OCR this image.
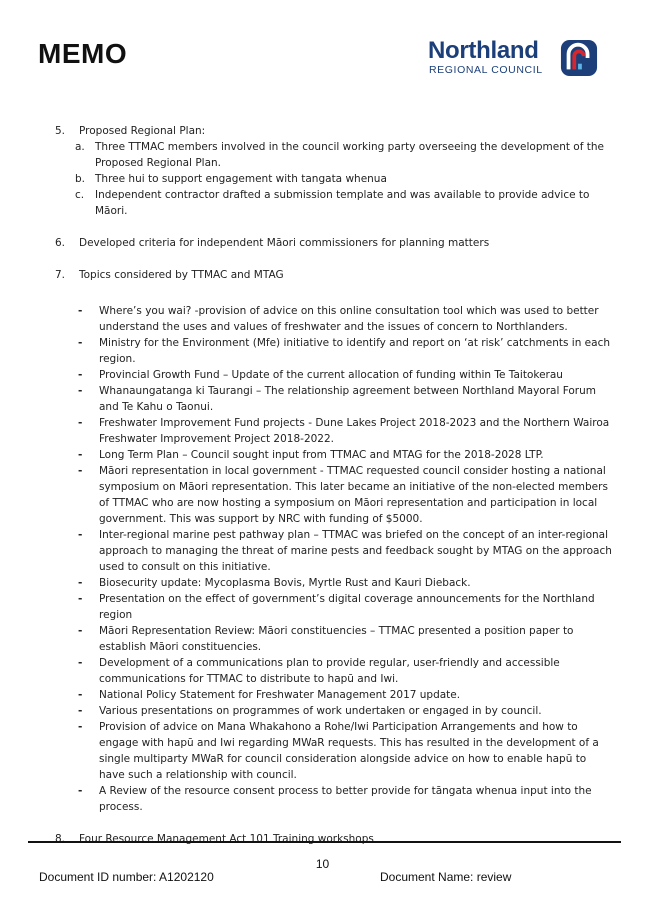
MEMO	Northland
REGIONAL COUNCIL
5. Proposed Regional Plan:
a. Three TTMAC members involved in the council working party overseeing the development of the Proposed Regional Plan.
b. Three hui to support engagement with tangata whenua
c. Independent contractor drafted a submission template and was available to provide advice to Māori.
6. Developed criteria for independent Māori commissioners for planning matters
7. Topics considered by TTMAC and MTAG
- Where’s you wai? -provision of advice on this online consultation tool which was used to better understand the uses and values of freshwater and the issues of concern to Northlanders.
- Ministry for the Environment (Mfe) initiative to identify and report on ‘at risk’ catchments in each region.
- Provincial Growth Fund – Update of the current allocation of funding within Te Taitokerau
- Whanaungatanga ki Taurangi – The relationship agreement between Northland Mayoral Forum and Te Kahu o Taonui.
- Freshwater Improvement Fund projects - Dune Lakes Project 2018-2023 and the Northern Wairoa Freshwater Improvement Project 2018-2022.
- Long Term Plan – Council sought input from TTMAC and MTAG for the 2018-2028 LTP.
- Māori representation in local government - TTMAC requested council consider hosting a national symposium on Māori representation. This later became an initiative of the non-elected members of TTMAC who are now hosting a symposium on Māori representation and participation in local government. This was support by NRC with funding of $5000.
- Inter-regional marine pest pathway plan – TTMAC was briefed on the concept of an inter-regional approach to managing the threat of marine pests and feedback sought by MTAG on the approach used to consult on this initiative.
- Biosecurity update: Mycoplasma Bovis, Myrtle Rust and Kauri Dieback.
- Presentation on the effect of government’s digital coverage announcements for the Northland region
- Māori Representation Review: Māori constituencies – TTMAC presented a position paper to establish Māori constituencies.
- Development of a communications plan to provide regular, user-friendly and accessible communications for TTMAC to distribute to hapū and Iwi.
- National Policy Statement for Freshwater Management 2017 update.
- Various presentations on programmes of work undertaken or engaged in by council.
- Provision of advice on Mana Whakahono a Rohe/Iwi Participation Arrangements and how to engage with hapū and Iwi regarding MWaR requests. This has resulted in the development of a single multiparty MWaR for council consideration alongside advice on how to enable hapū to have such a relationship with council.
- A Review of the resource consent process to better provide for tāngata whenua input into the process.
8. Four Resource Management Act 101 Training workshops
10
Document ID number: A1202120	Document Name: review
